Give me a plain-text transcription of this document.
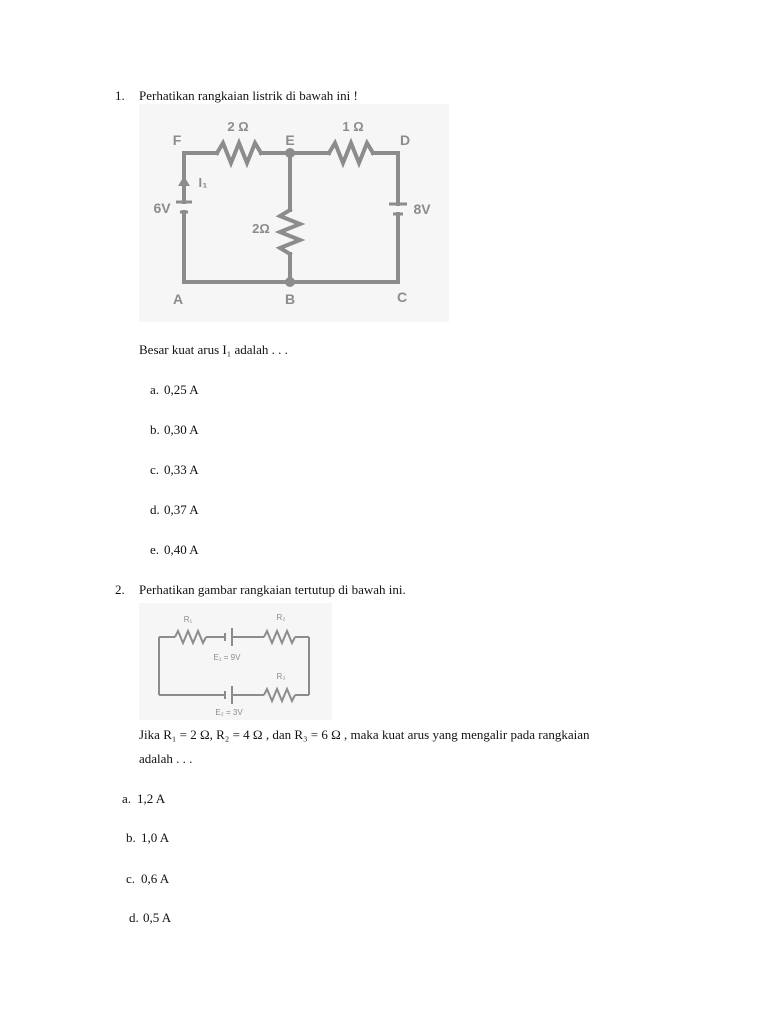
1. Perhatikan rangkaian listrik di bawah ini !
2 Ω	1 Ω
2Ω
F	E	D
A	B	C
6V	8V
I₁
Besar kuat arus I₁ adalah . . .
a. 0,25 A
b. 0,30 A
c. 0,33 A
d. 0,37 A
e. 0,40 A
2. Perhatikan gambar rangkaian tertutup di bawah ini.
R₁	R₂
R₃
E₁ = 9V
E₂ = 3V
Jika R₁ = 2 Ω, R₂ = 4 Ω , dan R₃ = 6 Ω , maka kuat arus yang mengalir pada rangkaian
adalah . . .
a. 1,2 A
b. 1,0 A
c. 0,6 A
d. 0,5 A
